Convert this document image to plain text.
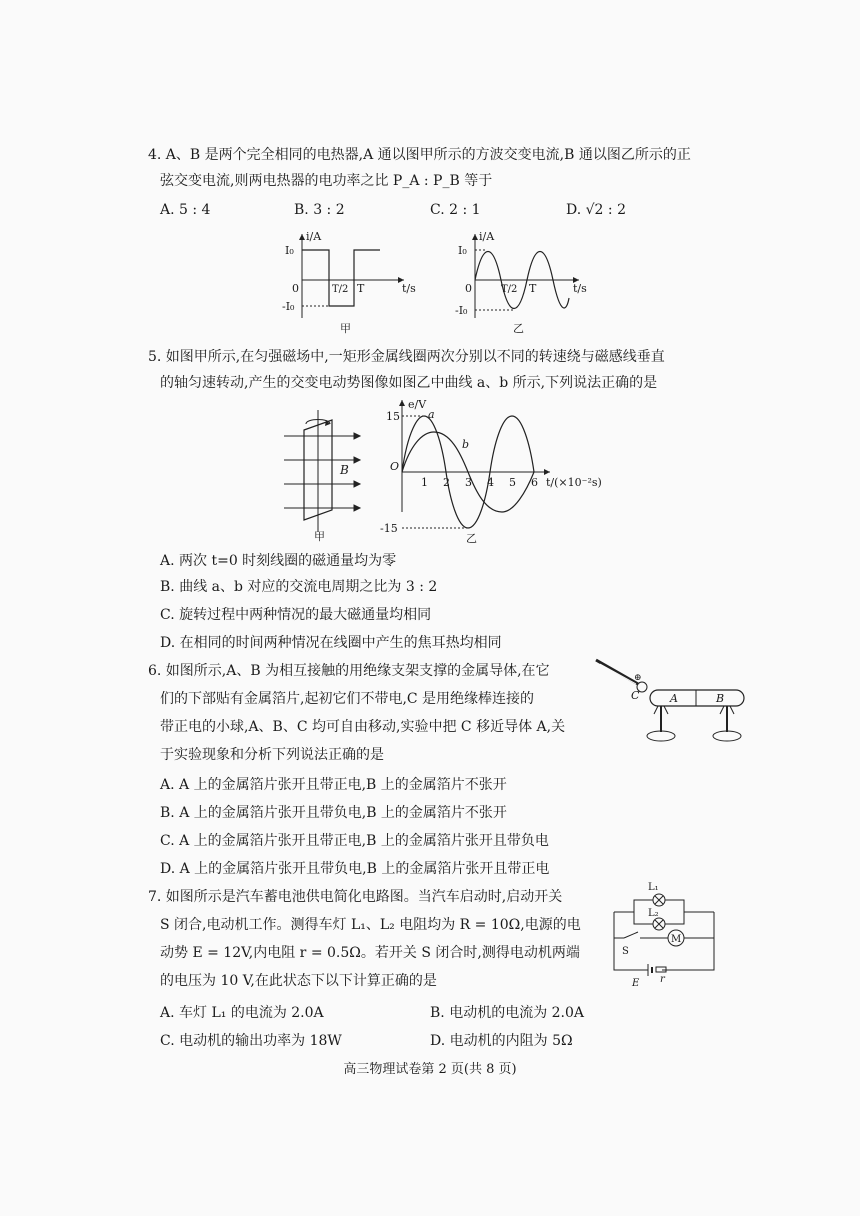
4. A、B 是两个完全相同的电热器,A 通以图甲所示的方波交变电流,B 通以图乙所示的正
弦交变电流,则两电热器的电功率之比 P_A : P_B 等于
A. 5 : 4	B. 3 : 2	C. 2 : 1	D. √2 : 2
i/A
I₀
-I₀
0	T/2 T	t/s
甲
i/A
I₀
-I₀
0	T/2 T	t/s
乙
5. 如图甲所示,在匀强磁场中,一矩形金属线圈两次分别以不同的转速绕与磁感线垂直
的轴匀速转动,产生的交变电动势图像如图乙中曲线 a、b 所示,下列说法正确的是
B
甲
e/V
15
-15
O
1 2 3 4 5 6 t/(×10⁻²s)
a
b
乙
A. 两次 t=0 时刻线圈的磁通量均为零
B. 曲线 a、b 对应的交流电周期之比为 3 : 2
C. 旋转过程中两种情况的最大磁通量均相同
D. 在相同的时间两种情况在线圈中产生的焦耳热均相同
6. 如图所示,A、B 为相互接触的用绝缘支架支撑的金属导体,在它
们的下部贴有金属箔片,起初它们不带电,C 是用绝缘棒连接的
带正电的小球,A、B、C 均可自由移动,实验中把 C 移近导体 A,关
于实验现象和分析下列说法正确的是
C
⊕
A	B
A. A 上的金属箔片张开且带正电,B 上的金属箔片不张开
B. A 上的金属箔片张开且带负电,B 上的金属箔片不张开
C. A 上的金属箔片张开且带正电,B 上的金属箔片张开且带负电
D. A 上的金属箔片张开且带负电,B 上的金属箔片张开且带正电
7. 如图所示是汽车蓄电池供电简化电路图。当汽车启动时,启动开关
S 闭合,电动机工作。测得车灯 L₁、L₂ 电阻均为 R = 10Ω,电源的电
动势 E = 12V,内电阻 r = 0.5Ω。若开关 S 闭合时,测得电动机两端
的电压为 10 V,在此状态下以下计算正确的是
L₁
L₂
M
S
E r
A. 车灯 L₁ 的电流为 2.0A	B. 电动机的电流为 2.0A
C. 电动机的输出功率为 18W	D. 电动机的内阻为 5Ω
高三物理试卷第 2 页(共 8 页)
